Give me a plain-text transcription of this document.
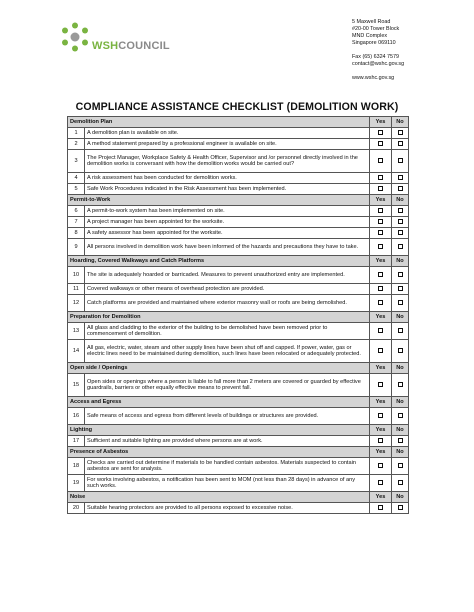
WSHCOUNCIL
5 Maxwell Road
#20-00 Tower Block
MND Complex
Singapore 069110
Fax (65) 6324 7579
contact@wshc.gov.sg
www.wshc.gov.sg
COMPLIANCE ASSISTANCE CHECKLIST (DEMOLITION WORK)
Demolition Plan		Yes	No
1	A demolition plan is available on site.		
2	A method statement prepared by a professional engineer is available on site.		
3	The Project Manager, Workplace Safety & Health Officer, Supervisor and /or personnel directly involved in the demolition works is conversant with how the demolition works would be carried out?		
4	A risk assessment has been conducted for demolition works.		
5	Safe Work Procedures indicated in the Risk Assessment has been implemented.		
Permit-to-Work		Yes	No
6	A permit-to-work system has been implemented on site.		
7	A project manager has been appointed for the worksite.		
8	A safety assessor has been appointed for the worksite.		
9	All persons involved in demolition work have been informed of the hazards and precautions they have to take.		
Hoarding, Covered Walkways and Catch Platforms		Yes	No
10	The site is adequately hoarded or barricaded. Measures to prevent unauthorized entry are implemented.		
11	Covered walkways or other means of overhead protection are provided.		
12	Catch platforms are provided and maintained where exterior masonry wall or roofs are being demolished.		
Preparation for Demolition		Yes	No
13	All glass and cladding to the exterior of the building to be demolished have been removed prior to commencement of demolition.		
14	All gas, electric, water, steam and other supply lines have been shut off and capped. If power, water, gas or electric lines need to be maintained during demolition, such lines have been relocated or adequately protected.		
Open side / Openings		Yes	No
15	Open sides or openings where a person is liable to fall more than 2 meters are covered or guarded by effective guardrails, barriers or other equally effective means to prevent fall.		
Access and Egress		Yes	No
16	Safe means of access and egress from different levels of buildings or structures are provided.		
Lighting		Yes	No
17	Sufficient and suitable lighting are provided where persons are at work.		
Presence of Asbestos		Yes	No
18	Checks are carried out determine if materials to be handled contain asbestos. Materials suspected to contain asbestos are sent for analysis.		
19	For works involving asbestos, a notification has been sent to MOM (not less than 28 days) in advance of any such works.		
Noise		Yes	No
20	Suitable hearing protectors are provided to all persons exposed to excessive noise.		
